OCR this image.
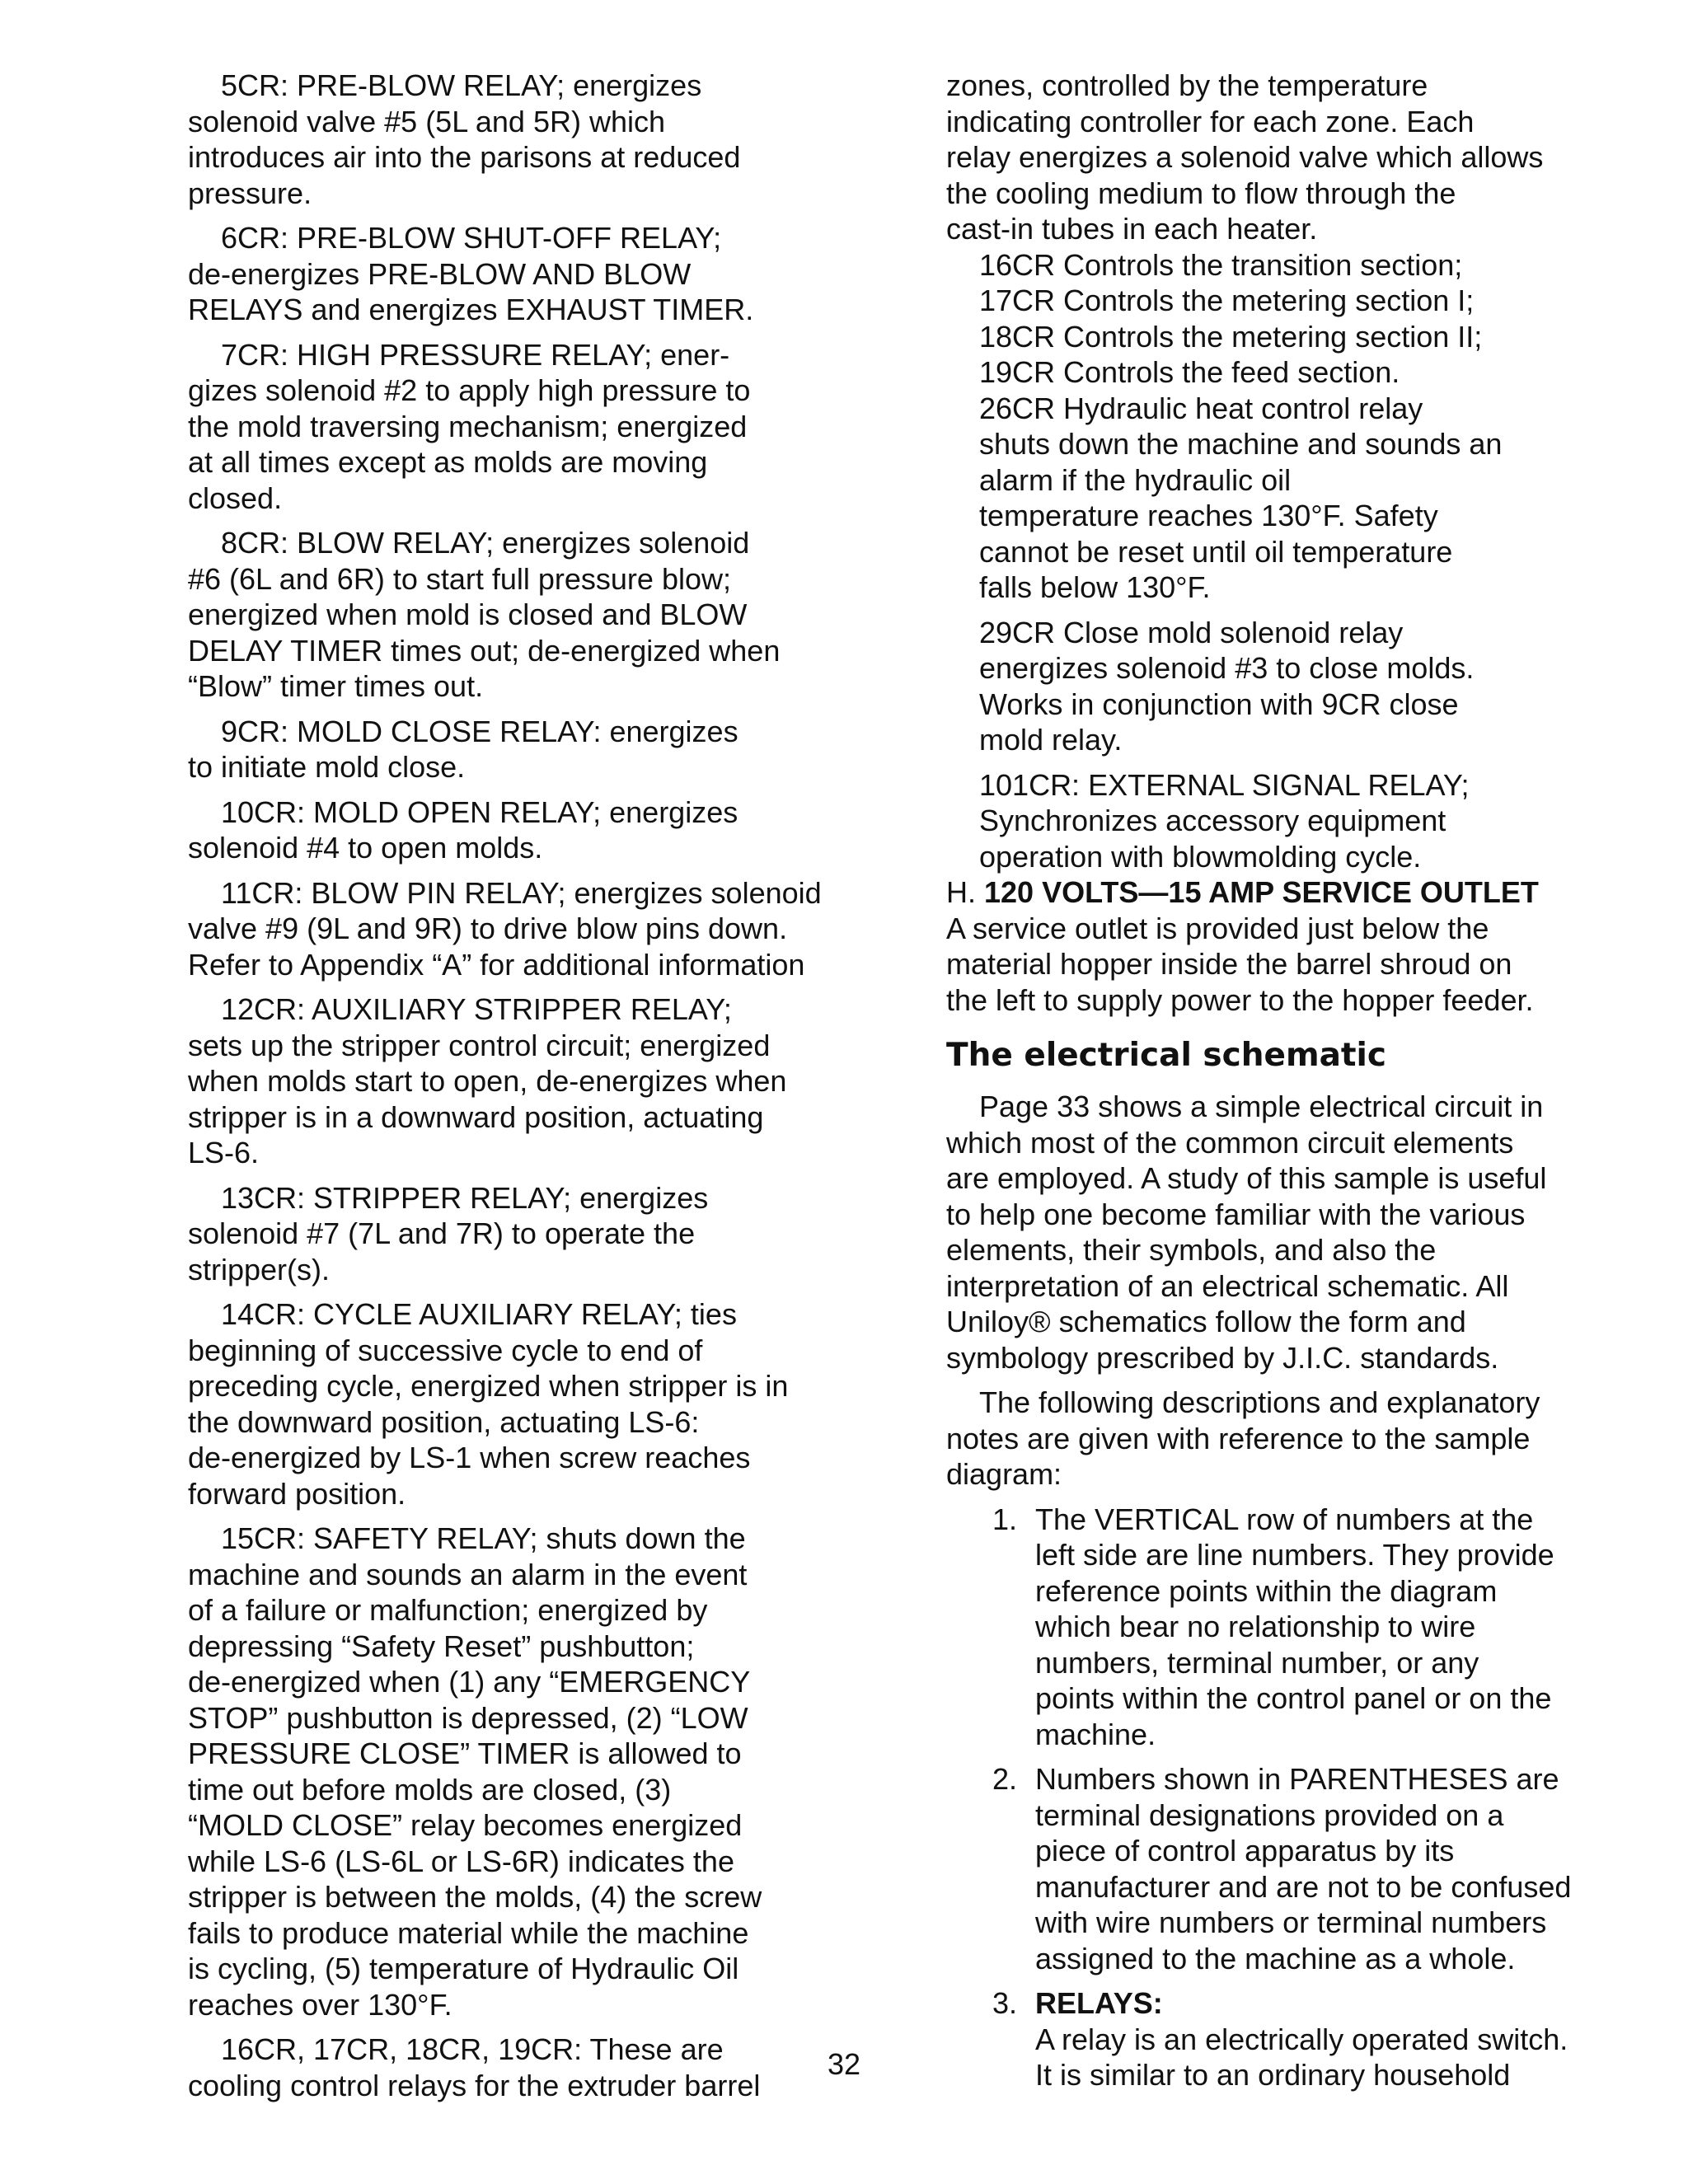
5CR: PRE-BLOW RELAY; energizes
solenoid valve #5 (5L and 5R) which
introduces air into the parisons at reduced
pressure.

6CR: PRE-BLOW SHUT-OFF RELAY;
de-energizes PRE-BLOW AND BLOW
RELAYS and energizes EXHAUST TIMER.

7CR: HIGH PRESSURE RELAY; ener-
gizes solenoid #2 to apply high pressure to
the mold traversing mechanism; energized
at all times except as molds are moving
closed.

8CR: BLOW RELAY; energizes solenoid
#6 (6L and 6R) to start full pressure blow;
energized when mold is closed and BLOW
DELAY TIMER times out; de-energized when
“Blow” timer times out.

9CR: MOLD CLOSE RELAY: energizes
to initiate mold close.

10CR: MOLD OPEN RELAY; energizes
solenoid #4 to open molds.

11CR: BLOW PIN RELAY; energizes solenoid
valve #9 (9L and 9R) to drive blow pins down.
Refer to Appendix “A” for additional information

12CR: AUXILIARY STRIPPER RELAY;
sets up the stripper control circuit; energized
when molds start to open, de-energizes when
stripper is in a downward position, actuating
LS-6.

13CR: STRIPPER RELAY; energizes
solenoid #7 (7L and 7R) to operate the
stripper(s).

14CR: CYCLE AUXILIARY RELAY; ties
beginning of successive cycle to end of
preceding cycle, energized when stripper is in
the downward position, actuating LS-6:
de-energized by LS-1 when screw reaches
forward position.

15CR: SAFETY RELAY; shuts down the
machine and sounds an alarm in the event
of a failure or malfunction; energized by
depressing “Safety Reset” pushbutton;
de-energized when (1) any “EMERGENCY
STOP” pushbutton is depressed, (2) “LOW
PRESSURE CLOSE” TIMER is allowed to
time out before molds are closed, (3)
“MOLD CLOSE” relay becomes energized
while LS-6 (LS-6L or LS-6R) indicates the
stripper is between the molds, (4) the screw
fails to produce material while the machine
is cycling, (5) temperature of Hydraulic Oil
reaches over 130°F.

16CR, 17CR, 18CR, 19CR: These are
cooling control relays for the extruder barrel

zones, controlled by the temperature
indicating controller for each zone. Each
relay energizes a solenoid valve which allows
the cooling medium to flow through the
cast-in tubes in each heater.

16CR Controls the transition section;
17CR Controls the metering section I;
18CR Controls the metering section II;
19CR Controls the feed section.

26CR Hydraulic heat control relay
shuts down the machine and sounds an
alarm if the hydraulic oil
temperature reaches 130°F. Safety
cannot be reset until oil temperature
falls below 130°F.

29CR Close mold solenoid relay
energizes solenoid #3 to close molds.
Works in conjunction with 9CR close
mold relay.

101CR: EXTERNAL SIGNAL RELAY;
Synchronizes accessory equipment
operation with blowmolding cycle.

H. 120 VOLTS—15 AMP SERVICE OUTLET

A service outlet is provided just below the
material hopper inside the barrel shroud on
the left to supply power to the hopper feeder.

The electrical schematic

Page 33 shows a simple electrical circuit in
which most of the common circuit elements
are employed. A study of this sample is useful
to help one become familiar with the various
elements, their symbols, and also the
interpretation of an electrical schematic. All
Uniloy® schematics follow the form and
symbology prescribed by J.I.C. standards.

The following descriptions and explanatory
notes are given with reference to the sample
diagram:

1. The VERTICAL row of numbers at the
left side are line numbers. They provide
reference points within the diagram
which bear no relationship to wire
numbers, terminal number, or any
points within the control panel or on the
machine.
2. Numbers shown in PARENTHESES are
terminal designations provided on a
piece of control apparatus by its
manufacturer and are not to be confused
with wire numbers or terminal numbers
assigned to the machine as a whole.
3. RELAYS:

A relay is an electrically operated switch.
It is similar to an ordinary household

32
